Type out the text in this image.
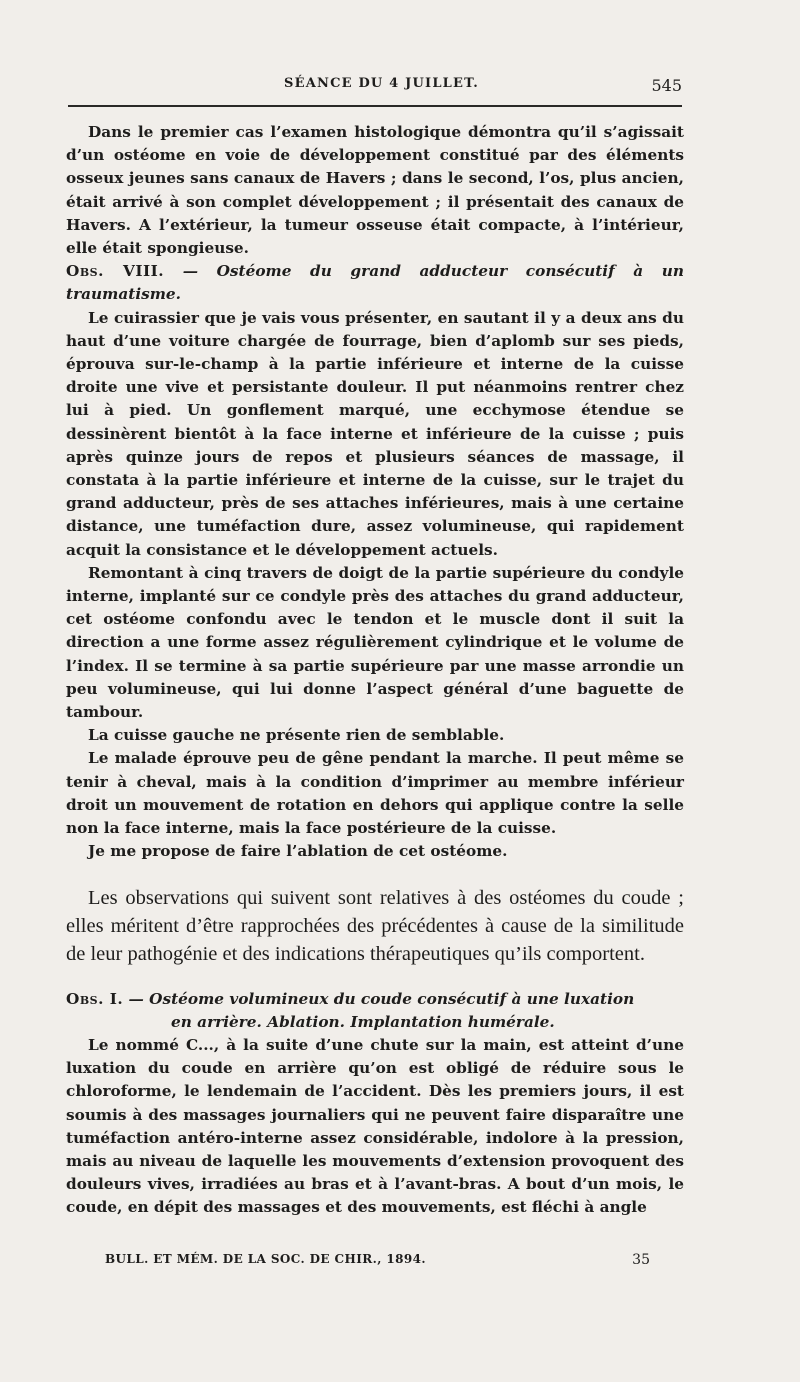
SÉANCE DU 4 JUILLET.	545

Dans le premier cas l’examen histologique démontra qu’il s’agissait d’un ostéome en voie de développement constitué par des éléments osseux jeunes sans canaux de Havers ; dans le second, l’os, plus ancien, était arrivé à son complet développement ; il présentait des canaux de Havers. A l’extérieur, la tumeur osseuse était compacte, à l’intérieur, elle était spongieuse.

Obs. VIII. — Ostéome du grand adducteur consécutif à un traumatisme.

Le cuirassier que je vais vous présenter, en sautant il y a deux ans du haut d’une voiture chargée de fourrage, bien d’aplomb sur ses pieds, éprouva sur-le-champ à la partie inférieure et interne de la cuisse droite une vive et persistante douleur. Il put néanmoins rentrer chez lui à pied. Un gonflement marqué, une ecchymose étendue se dessinèrent bientôt à la face interne et inférieure de la cuisse ; puis après quinze jours de repos et plusieurs séances de massage, il constata à la partie inférieure et interne de la cuisse, sur le trajet du grand adducteur, près de ses attaches inférieures, mais à une certaine distance, une tuméfaction dure, assez volumineuse, qui rapidement acquit la consistance et le développement actuels.

Remontant à cinq travers de doigt de la partie supérieure du condyle interne, implanté sur ce condyle près des attaches du grand adducteur, cet ostéome confondu avec le tendon et le muscle dont il suit la direction a une forme assez régulièrement cylindrique et le volume de l’index. Il se termine à sa partie supérieure par une masse arrondie un peu volumineuse, qui lui donne l’aspect général d’une baguette de tambour.

La cuisse gauche ne présente rien de semblable.

Le malade éprouve peu de gêne pendant la marche. Il peut même se tenir à cheval, mais à la condition d’imprimer au membre inférieur droit un mouvement de rotation en dehors qui applique contre la selle non la face interne, mais la face postérieure de la cuisse.

Je me propose de faire l’ablation de cet ostéome.

Les observations qui suivent sont relatives à des ostéomes du coude ; elles méritent d’être rapprochées des précédentes à cause de la similitude de leur pathogénie et des indications thérapeutiques qu’ils comportent.

Obs. I. — Ostéome volumineux du coude consécutif à une luxation
en arrière. Ablation. Implantation humérale.

Le nommé C..., à la suite d’une chute sur la main, est atteint d’une luxation du coude en arrière qu’on est obligé de réduire sous le chloroforme, le lendemain de l’accident. Dès les premiers jours, il est soumis à des massages journaliers qui ne peuvent faire disparaître une tuméfaction antéro-interne assez considérable, indolore à la pression, mais au niveau de laquelle les mouvements d’extension provoquent des douleurs vives, irradiées au bras et à l’avant-bras. A bout d’un mois, le coude, en dépit des massages et des mouvements, est fléchi à angle

BULL. ET MÉM. DE LA SOC. DE CHIR., 1894.	35
